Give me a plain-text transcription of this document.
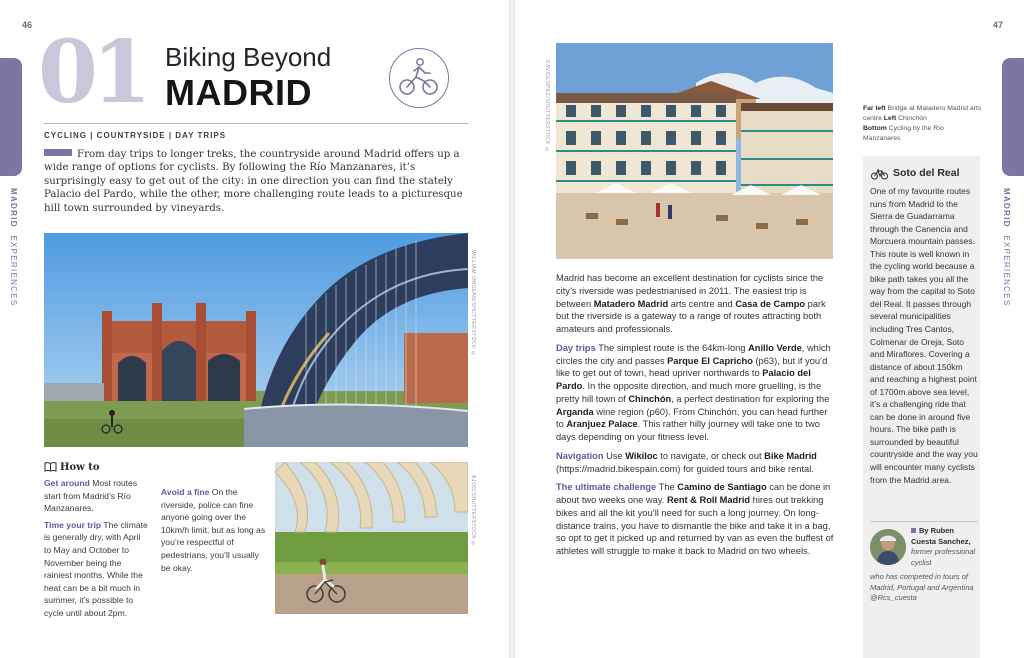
46
MADRID EXPERIENCES
01 Biking Beyond
MADRID
CYCLING | COUNTRYSIDE | DAY TRIPS
From day trips to longer treks, the countryside around Madrid offers up a wide range of options for cyclists. By following the Río Manzanares, it’s surprisingly easy to get out of the city: in one direction you can find the stately Palacio del Pardo, while the other, more challenging route leads to a picturesque hill town surrounded by vineyards.
WILLIAM ONDEAN/SHUTTERSTOCK ©
How to

Get around Most routes start from Madrid’s Río Manzanares.

Time your trip The climate is generally dry, with April to May and October to November being the rainiest months. While the heat can be a bit much in summer, it’s possible to cycle until about 2pm.

Avoid a fine On the riverside, police can fine anyone going over the 10km/h limit, but as long as you’re respectful of pedestrians, you’ll usually be okay.

AJOO/SHUTTERSTOCK ©
47
MADRID EXPERIENCES
DAVIDLOPEZ/SHUTTERSTOCK ©	Far left Bridge at Matadero Madrid arts centre Left Chinchón
Bottom Cycling by the Río Manzanares

Madrid has become an excellent destination for cyclists since the city’s riverside was pedestrianised in 2011. The easiest trip is between Matadero Madrid arts centre and Casa de Campo park but the riverside is a gateway to a range of routes attracting both amateurs and professionals.

Day trips The simplest route is the 64km-long Anillo Verde, which circles the city and passes Parque El Capricho (p63), but if you’d like to get out of town, head upriver northwards to Palacio del Pardo. In the opposite direction, and much more gruelling, is the pretty hill town of Chinchón, a perfect destination for exploring the Arganda wine region (p60). From Chinchón, you can head further to Aranjuez Palace. This rather hilly journey will take one to two days depending on your fitness level.

Navigation Use Wikiloc to navigate, or check out Bike Madrid (https://madrid.bikespain.com) for guided tours and bike rental.

The ultimate challenge The Camino de Santiago can be done in about two weeks one way. Rent & Roll Madrid hires out trekking bikes and all the kit you’ll need for such a long journey. On long-distance trains, you have to dismantle the bike and take it in a bag, so opt to get it picked up and returned by van as even the buffest of athletes will struggle to make it back to Madrid on two wheels.

Soto del Real
One of my favourite routes runs from Madrid to the Sierra de Guadarrama through the Canencia and Morcuera mountain passes. This route is well known in the cycling world because a bike path takes you all the way from the capital to Soto del Real. It passes through several municipalities including Tres Cantos, Colmenar de Oreja, Soto and Miraflores. Covering a distance of about 150km and reaching a highest point of 1700m above sea level, it’s a challenging ride that can be done in around five hours. The bike path is surrounded by beautiful countryside and the way you will encounter many cyclists from the Madrid area.
By Ruben Cuesta Sanchez,
former professional cyclist
who has competed in tours of Madrid, Portugal and Argentina
@Rcs_cuesta
